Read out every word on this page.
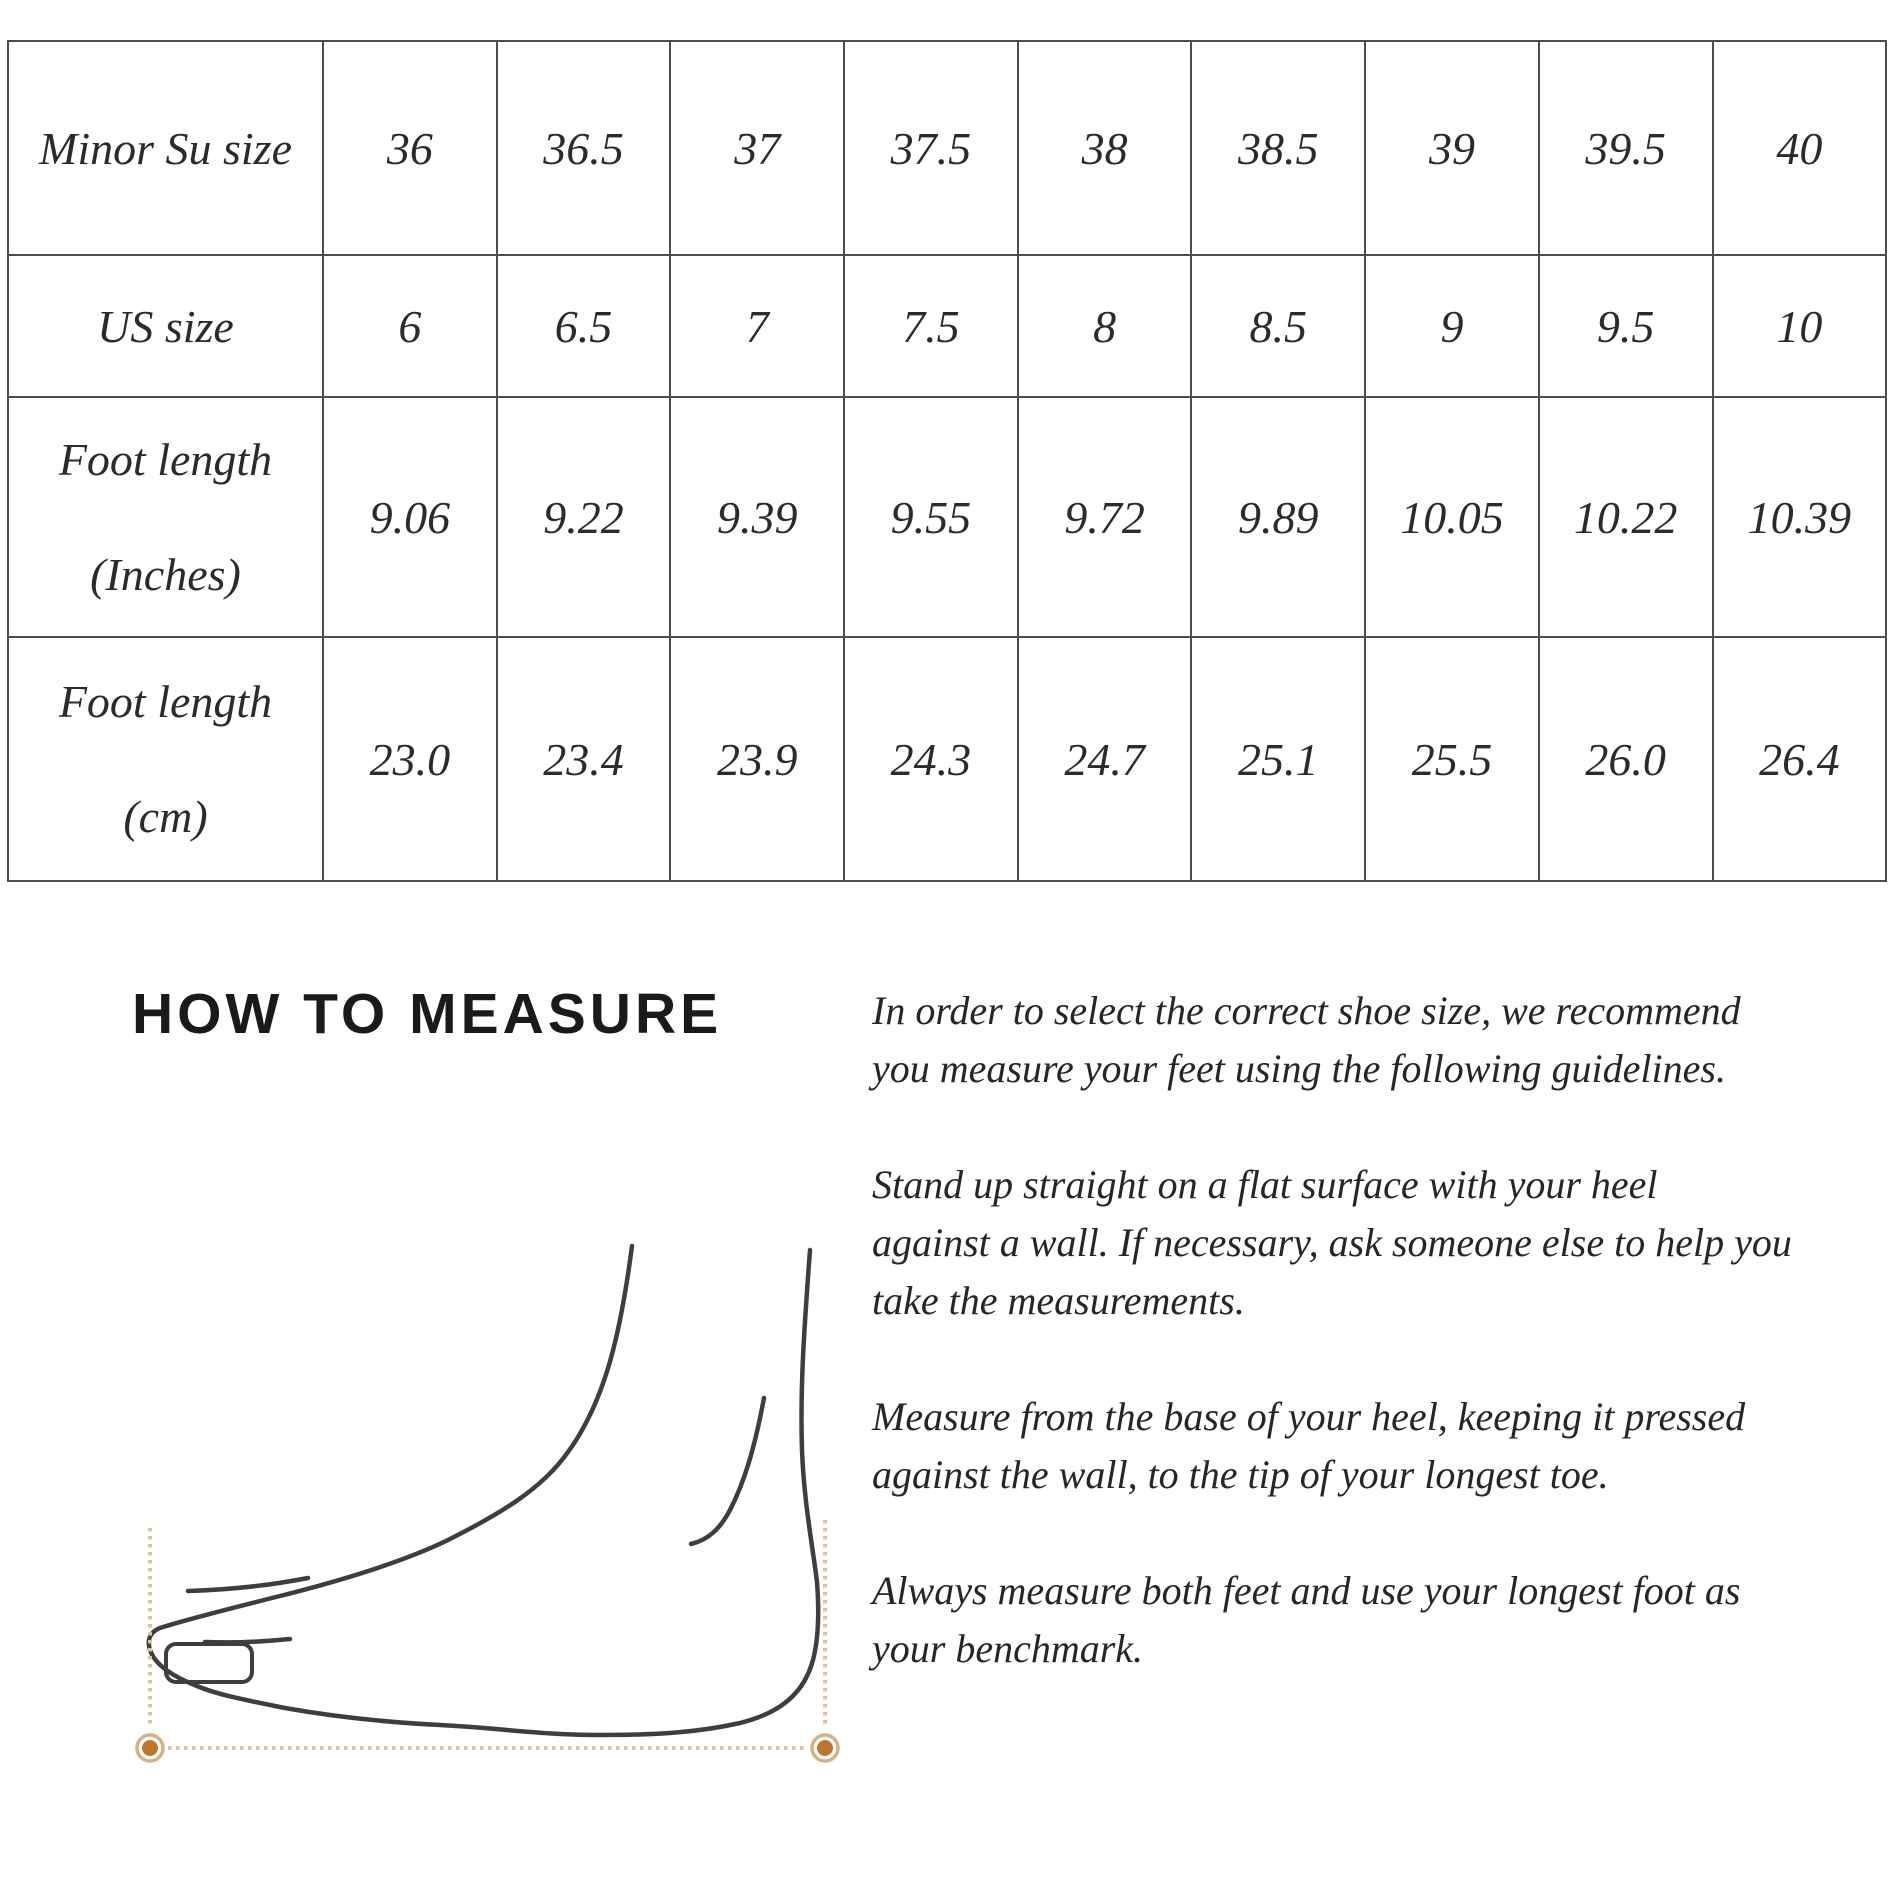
Minor Su size	36	36.5	37	37.5	38	38.5	39	39.5	40

US size	6	6.5	7	7.5	8	8.5	9	9.5	10

Foot length
(Inches)	9.06	9.22	9.39	9.55	9.72	9.89	10.05	10.22	10.39

Foot length
(cm)	23.0	23.4	23.9	24.3	24.7	25.1	25.5	26.0	26.4
HOW TO MEASURE	In order to select the correct shoe size, we recommend
you measure your feet using the following guidelines.

Stand up straight on a flat surface with your heel
against a wall. If necessary, ask someone else to help you
take the measurements.

Measure from the base of your heel, keeping it pressed
against the wall, to the tip of your longest toe.

Always measure both feet and use your longest foot as
your benchmark.
